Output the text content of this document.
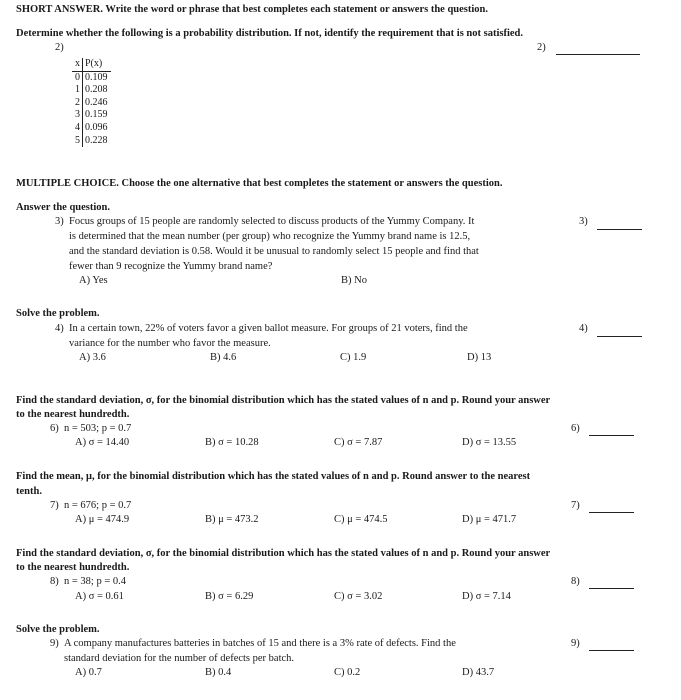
SHORT ANSWER. Write the word or phrase that best completes each statement or answers the question.
Determine whether the following is a probability distribution. If not, identify the requirement that is not satisfied.
2)	2)
x	P(x)
0	0.109
1	0.208
2	0.246
3	0.159
4	0.096
5	0.228
MULTIPLE CHOICE. Choose the one alternative that best completes the statement or answers the question.
Answer the question.
3) Focus groups of 15 people are randomly selected to discuss products of the Yummy Company. It
is determined that the mean number (per group) who recognize the Yummy brand name is 12.5,
and the standard deviation is 0.58. Would it be unusual to randomly select 15 people and find that
fewer than 9 recognize the Yummy brand name?
A) Yes	B) No
3)
Solve the problem.
4) In a certain town, 22% of voters favor a given ballot measure. For groups of 21 voters, find the
variance for the number who favor the measure.
A) 3.6	B) 4.6	C) 1.9	D) 13
4)
Find the standard deviation, σ, for the binomial distribution which has the stated values of n and p. Round your answer
to the nearest hundredth.
6) n = 503; p = 0.7
A) σ = 14.40	B) σ = 10.28	C) σ = 7.87	D) σ = 13.55
6)
Find the mean, μ, for the binomial distribution which has the stated values of n and p. Round answer to the nearest
tenth.
7) n = 676; p = 0.7
A) μ = 474.9	B) μ = 473.2	C) μ = 474.5	D) μ = 471.7
7)
Find the standard deviation, σ, for the binomial distribution which has the stated values of n and p. Round your answer
to the nearest hundredth.
8) n = 38; p = 0.4
A) σ = 0.61	B) σ = 6.29	C) σ = 3.02	D) σ = 7.14
8)
Solve the problem.
9) A company manufactures batteries in batches of 15 and there is a 3% rate of defects. Find the
standard deviation for the number of defects per batch.
A) 0.7	B) 0.4	C) 0.2	D) 43.7
9)
